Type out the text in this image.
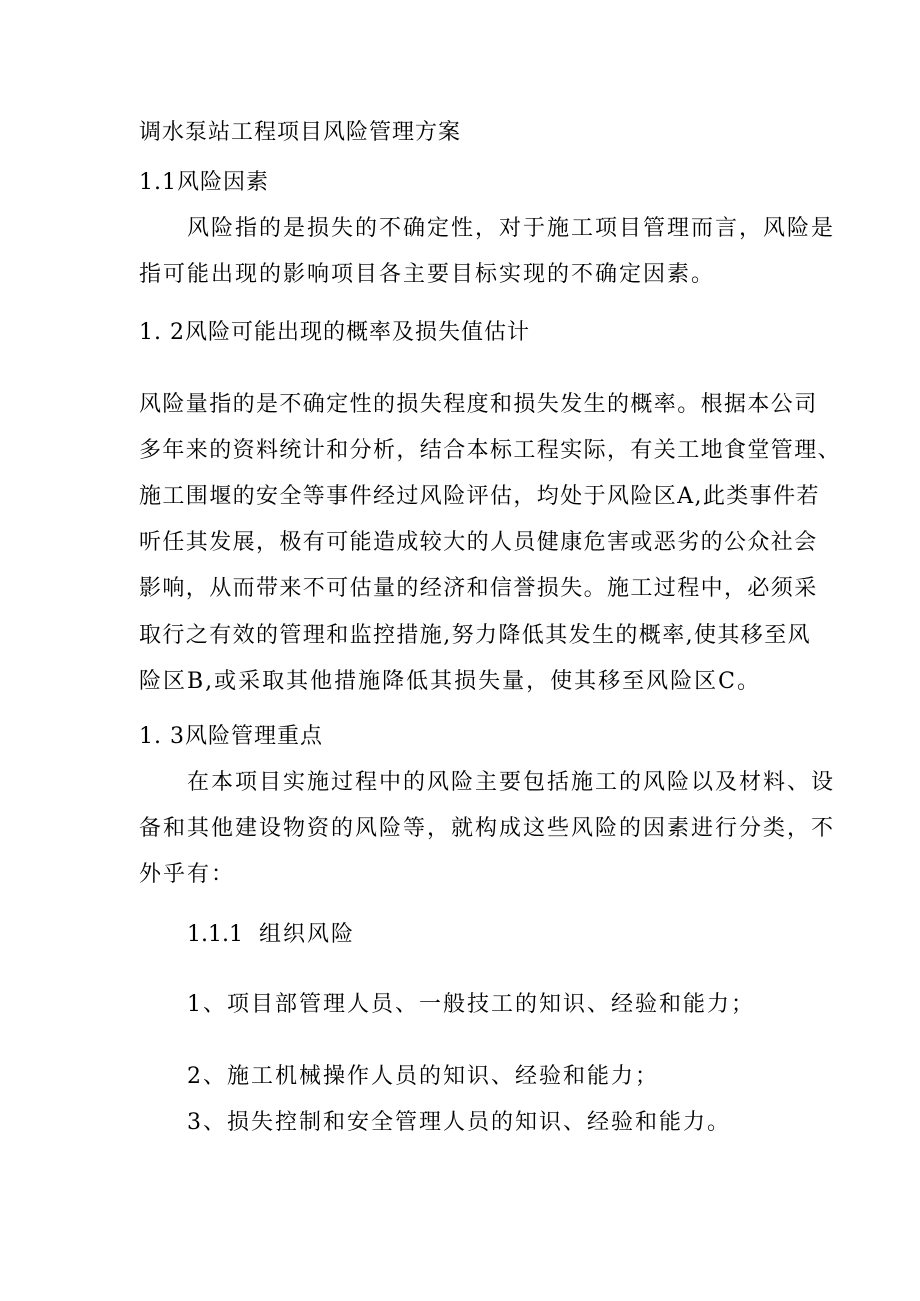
调水泵站工程项目风险管理方案
1.1风险因素
风险指的是损失的不确定性，对于施工项目管理而言，风险是
指可能出现的影响项目各主要目标实现的不确定因素。
1. 2风险可能出现的概率及损失值估计
风险量指的是不确定性的损失程度和损失发生的概率。根据本公司
多年来的资料统计和分析，结合本标工程实际，有关工地食堂管理、
施工围堰的安全等事件经过风险评估，均处于风险区A,此类事件若
听任其发展，极有可能造成较大的人员健康危害或恶劣的公众社会
影响，从而带来不可估量的经济和信誉损失。施工过程中，必须采
取行之有效的管理和监控措施,努力降低其发生的概率,使其移至风
险区B,或采取其他措施降低其损失量，使其移至风险区C。
1. 3风险管理重点
在本项目实施过程中的风险主要包括施工的风险以及材料、设
备和其他建设物资的风险等，就构成这些风险的因素进行分类，不
外乎有：
1.1.1 组织风险
1、项目部管理人员、一般技工的知识、经验和能力；
2、施工机械操作人员的知识、经验和能力；
3、损失控制和安全管理人员的知识、经验和能力。
